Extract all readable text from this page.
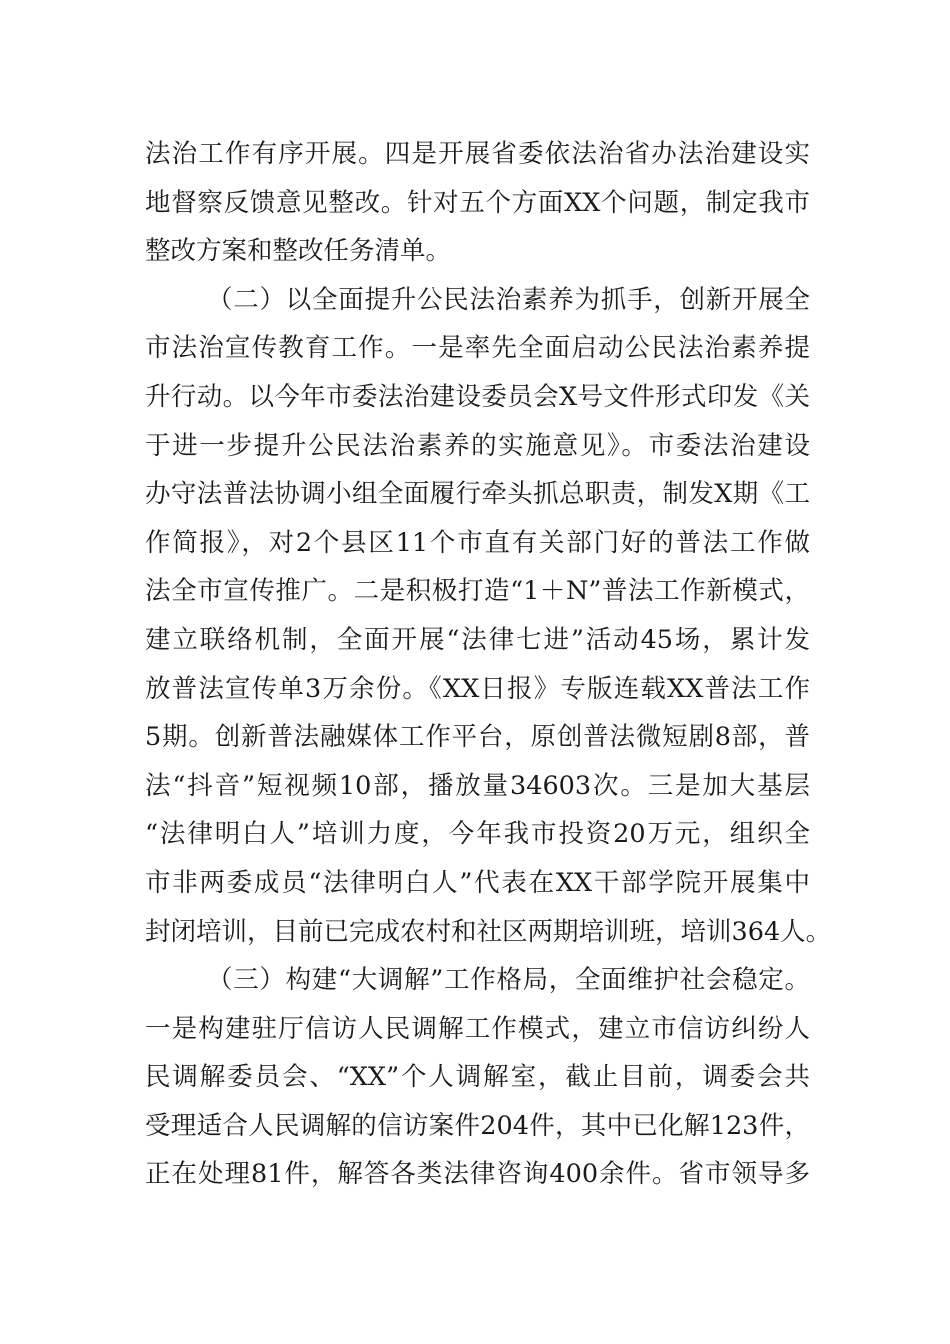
法治工作有序开展。四是开展省委依法治省办法治建设实
地督察反馈意见整改。针对五个方面XX个问题，制定我市
整改方案和整改任务清单。
（二）以全面提升公民法治素养为抓手，创新开展全
市法治宣传教育工作。一是率先全面启动公民法治素养提
升行动。以今年市委法治建设委员会X号文件形式印发《关
于进一步提升公民法治素养的实施意见》。市委法治建设
办守法普法协调小组全面履行牵头抓总职责，制发X期《工
作简报》，对2个县区11个市直有关部门好的普法工作做
法全市宣传推广。二是积极打造“1＋N”普法工作新模式，
建立联络机制，全面开展“法律七进”活动45场，累计发
放普法宣传单3万余份。《XX日报》专版连载XX普法工作
5期。创新普法融媒体工作平台，原创普法微短剧8部，普
法“抖音”短视频10部，播放量34603次。三是加大基层
“法律明白人”培训力度，今年我市投资20万元，组织全
市非两委成员“法律明白人”代表在XX干部学院开展集中
封闭培训，目前已完成农村和社区两期培训班，培训364人。
（三）构建“大调解”工作格局，全面维护社会稳定。
一是构建驻厅信访人民调解工作模式，建立市信访纠纷人
民调解委员会、“XX”个人调解室，截止目前，调委会共
受理适合人民调解的信访案件204件，其中已化解123件，
正在处理81件，解答各类法律咨询400余件。省市领导多
